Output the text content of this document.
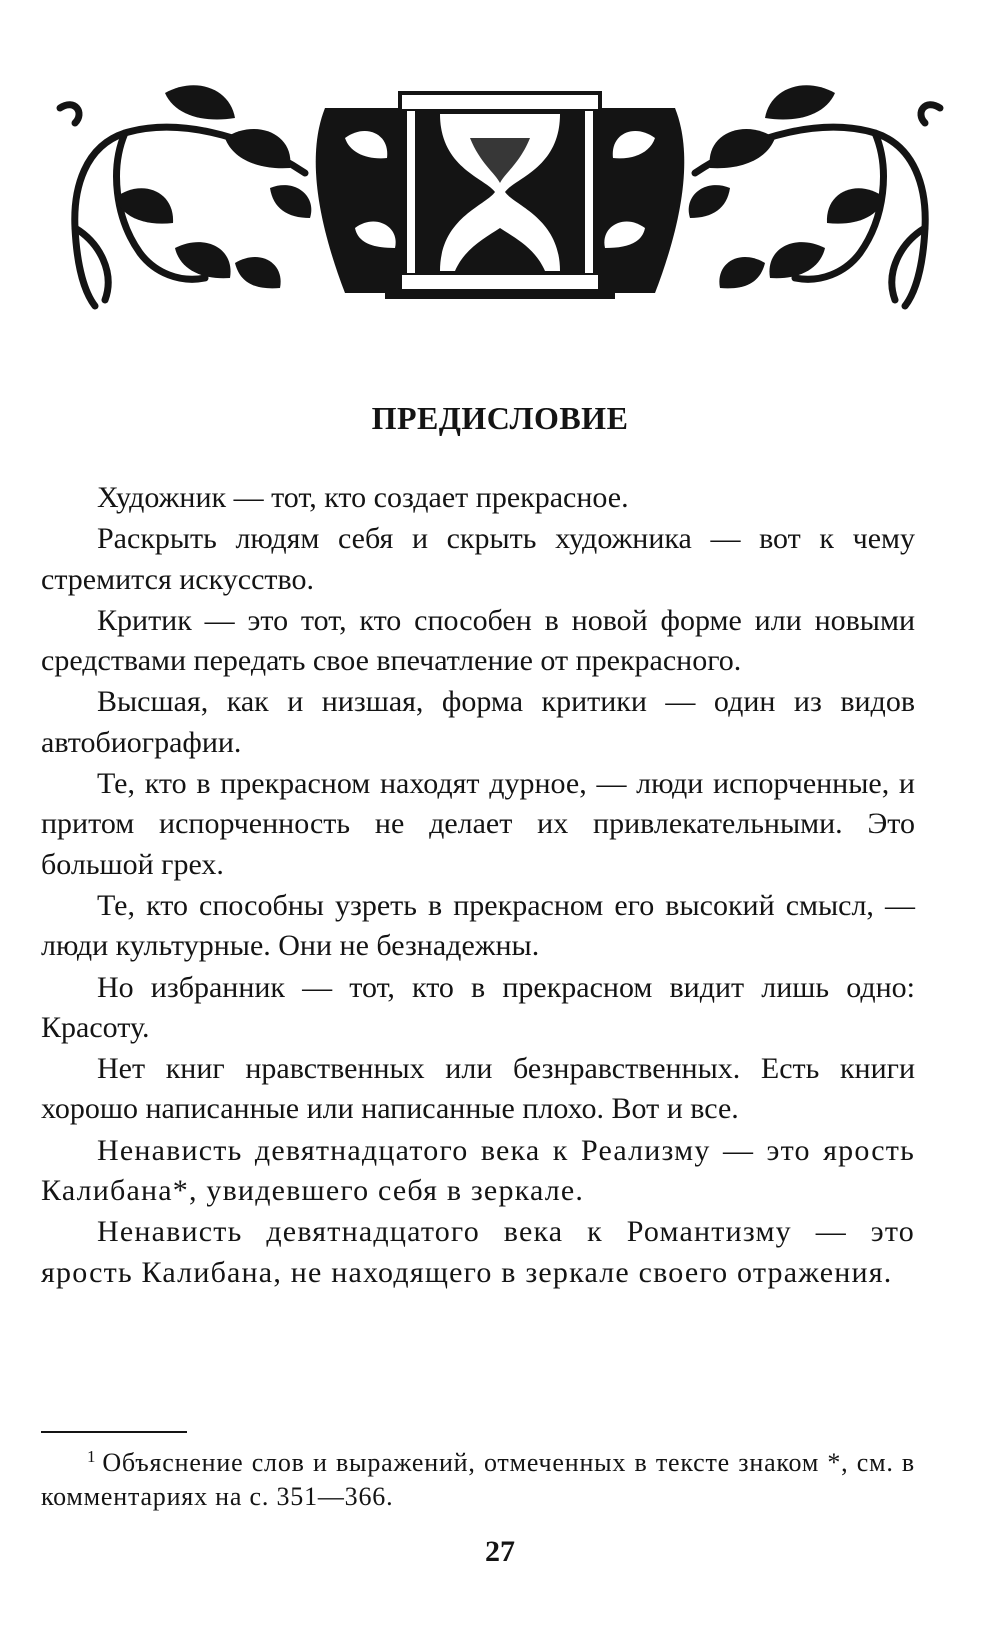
ПРЕДИСЛОВИЕ

Художник — тот, кто создает прекрасное.

Раскрыть людям себя и скрыть художника — вот к чему стремится искусство.

Критик — это тот, кто способен в новой форме или новыми средствами передать свое впечатление от прекрасного.

Высшая, как и низшая, форма критики — один из видов автобиографии.

Те, кто в прекрасном находят дурное, — люди испорченные, и притом испорченность не делает их привлекательными. Это большой грех.

Те, кто способны узреть в прекрасном его высокий смысл, — люди культурные. Они не безнадежны.

Но избранник — тот, кто в прекрасном видит лишь одно: Красоту.

Нет книг нравственных или безнравственных. Есть книги хорошо написанные или написанные плохо. Вот и все.

Ненависть девятнадцатого века к Реализму — это ярость Калибана*, увидевшего себя в зеркале.

Ненависть девятнадцатого века к Романтизму — это ярость Калибана, не находящего в зеркале своего отражения.

$^1$ Объяснение слов и выражений, отмеченных в тексте знаком *, см. в комментариях на с. 351—366.

27
